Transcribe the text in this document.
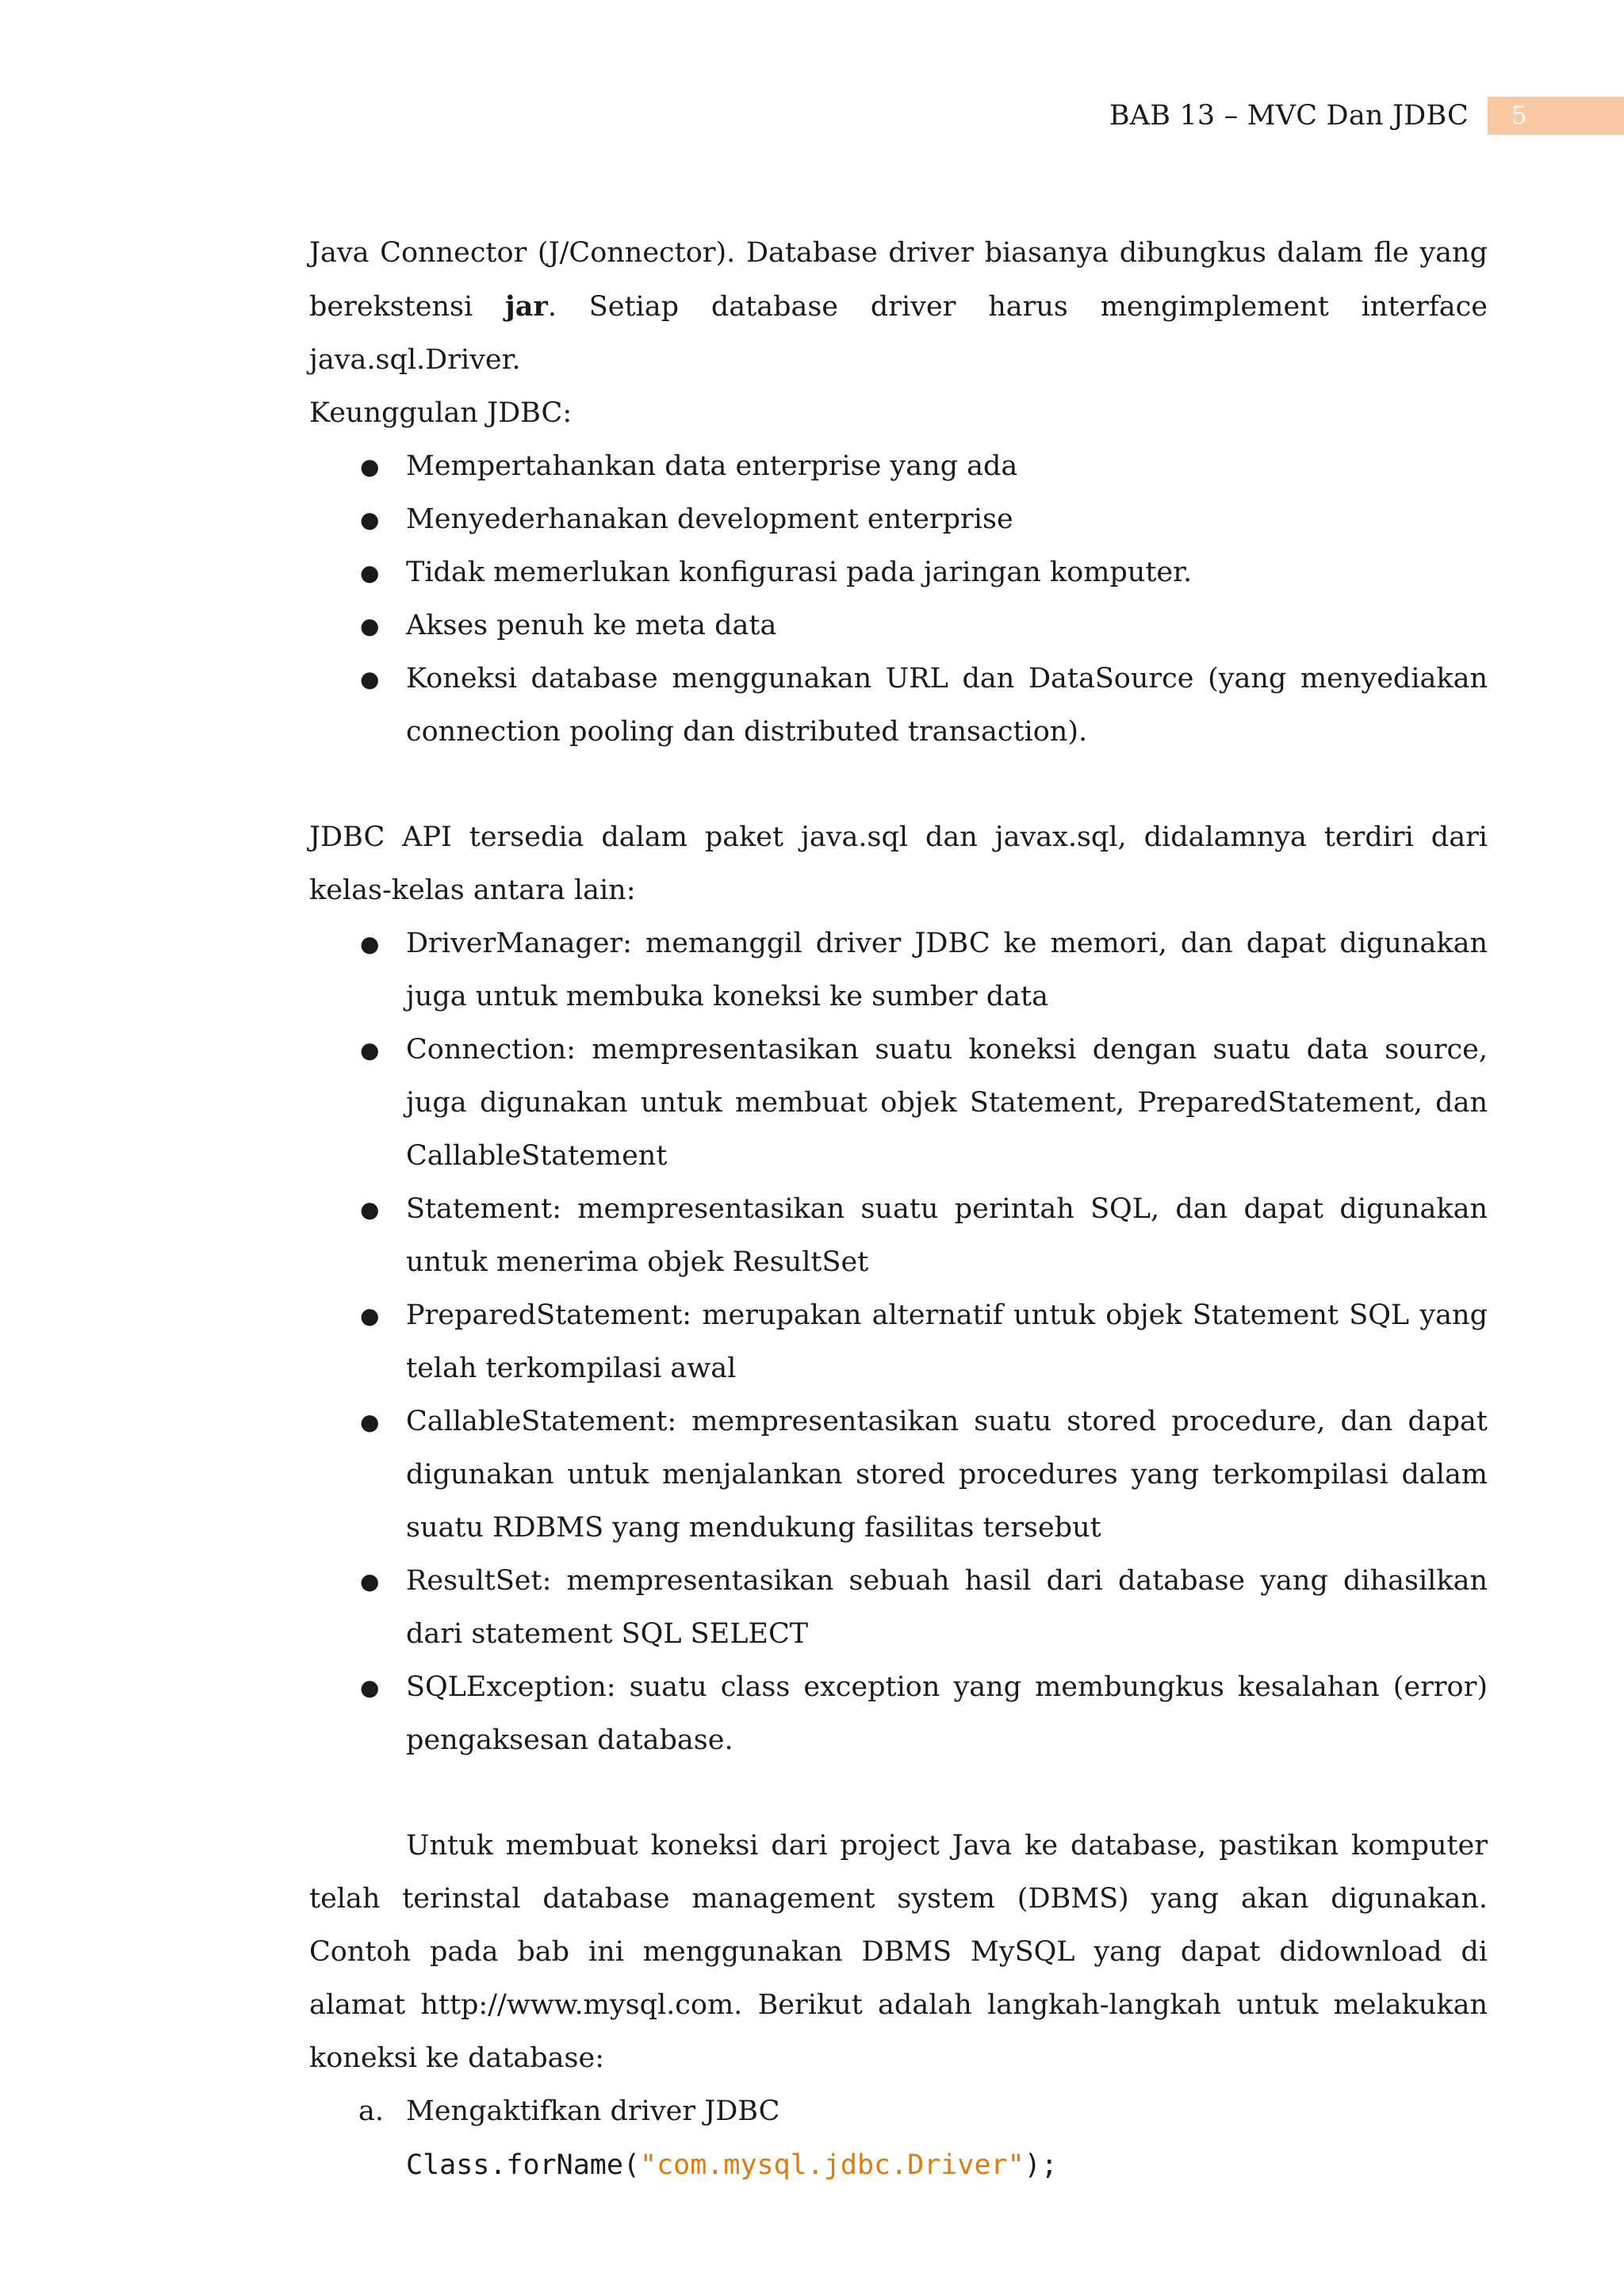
BAB 13 – MVC Dan JDBC	5

Java Connector (J/Connector). Database driver biasanya dibungkus dalam fle yang berekstensi jar. Setiap database driver harus mengimplement interface java.sql.Driver.

Keunggulan JDBC:

● Mempertahankan data enterprise yang ada
● Menyederhanakan development enterprise
● Tidak memerlukan konfigurasi pada jaringan komputer.
● Akses penuh ke meta data
● Koneksi database menggunakan URL dan DataSource (yang menyediakan connection pooling dan distributed transaction).

JDBC API tersedia dalam paket java.sql dan javax.sql, didalamnya terdiri dari kelas-kelas antara lain:

● DriverManager: memanggil driver JDBC ke memori, dan dapat digunakan juga untuk membuka koneksi ke sumber data
● Connection: mempresentasikan suatu koneksi dengan suatu data source, juga digunakan untuk membuat objek Statement, PreparedStatement, dan CallableStatement
● Statement: mempresentasikan suatu perintah SQL, dan dapat digunakan untuk menerima objek ResultSet
● PreparedStatement: merupakan alternatif untuk objek Statement SQL yang telah terkompilasi awal
● CallableStatement: mempresentasikan suatu stored procedure, dan dapat digunakan untuk menjalankan stored procedures yang terkompilasi dalam suatu RDBMS yang mendukung fasilitas tersebut
● ResultSet: mempresentasikan sebuah hasil dari database yang dihasilkan dari statement SQL SELECT
● SQLException: suatu class exception yang membungkus kesalahan (error) pengaksesan database.

Untuk membuat koneksi dari project Java ke database, pastikan komputer telah terinstal database management system (DBMS) yang akan digunakan. Contoh pada bab ini menggunakan DBMS MySQL yang dapat didownload di alamat http://www.mysql.com. Berikut adalah langkah-langkah untuk melakukan koneksi ke database:

a. Mengaktifkan driver JDBC
Class.forName("com.mysql.jdbc.Driver");
